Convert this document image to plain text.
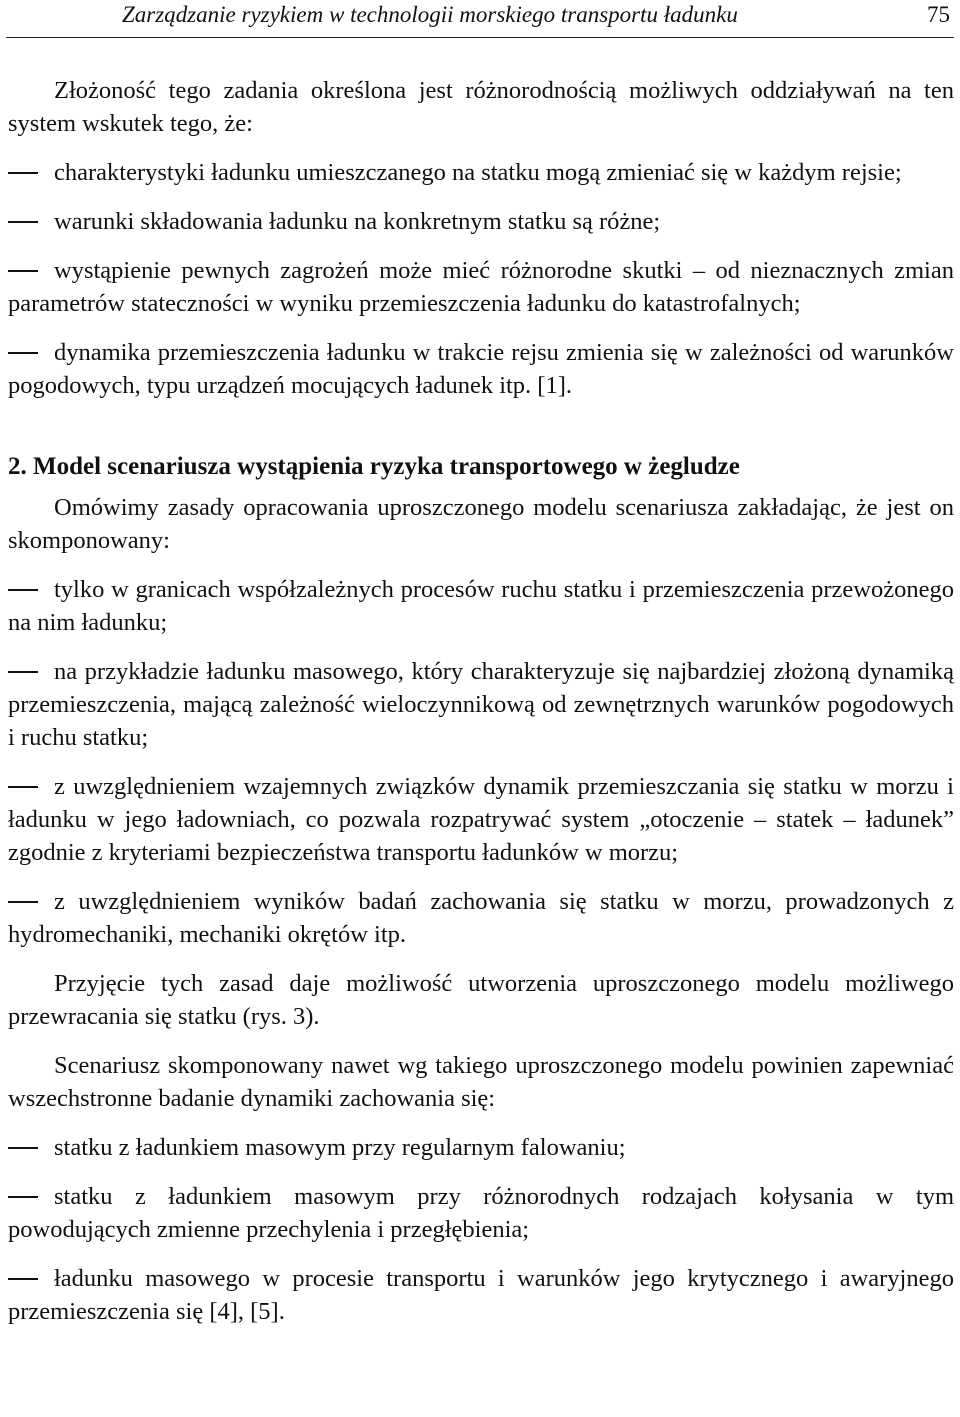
Zarządzanie ryzykiem w technologii morskiego transportu ładunku	75

Złożoność tego zadania określona jest różnorodnością możliwych oddziaływań na ten system wskutek tego, że:

charakterystyki ładunku umieszczanego na statku mogą zmieniać się w każdym rejsie;

warunki składowania ładunku na konkretnym statku są różne;

wystąpienie pewnych zagrożeń może mieć różnorodne skutki – od nieznacznych zmian parametrów stateczności w wyniku przemieszczenia ładunku do katastrofalnych;

dynamika przemieszczenia ładunku w trakcie rejsu zmienia się w zależności od warunków pogodowych, typu urządzeń mocujących ładunek itp. [1].

2. Model scenariusza wystąpienia ryzyka transportowego w żegludze

Omówimy zasady opracowania uproszczonego modelu scenariusza zakładając, że jest on skomponowany:

tylko w granicach współzależnych procesów ruchu statku i przemieszczenia przewożonego na nim ładunku;

na przykładzie ładunku masowego, który charakteryzuje się najbardziej złożoną dynamiką przemieszczenia, mającą zależność wieloczynnikową od zewnętrznych warunków pogodowych i ruchu statku;

z uwzględnieniem wzajemnych związków dynamik przemieszczania się statku w morzu i ładunku w jego ładowniach, co pozwala rozpatrywać system „otoczenie – statek – ładunek” zgodnie z kryteriami bezpieczeństwa transportu ładunków w morzu;

z uwzględnieniem wyników badań zachowania się statku w morzu, prowadzonych z hydromechaniki, mechaniki okrętów itp.

Przyjęcie tych zasad daje możliwość utworzenia uproszczonego modelu możliwego przewracania się statku (rys. 3).

Scenariusz skomponowany nawet wg takiego uproszczonego modelu powinien zapewniać wszechstronne badanie dynamiki zachowania się:

statku z ładunkiem masowym przy regularnym falowaniu;

statku z ładunkiem masowym przy różnorodnych rodzajach kołysania w tym powodujących zmienne przechylenia i przegłębienia;

ładunku masowego w procesie transportu i warunków jego krytycznego i awaryjnego przemieszczenia się [4], [5].
